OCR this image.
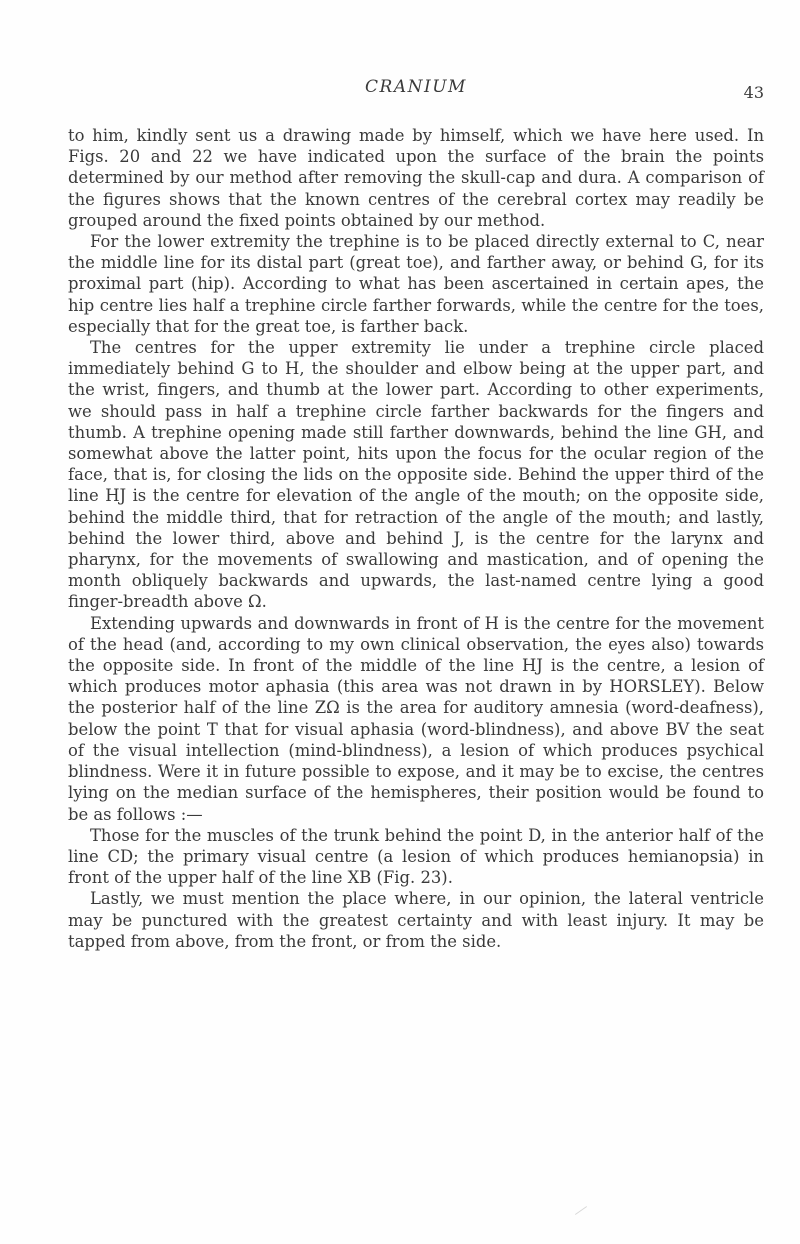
CRANIUM	43

to him, kindly sent us a drawing made by himself, which we have here used. In Figs. 20 and 22 we have indicated upon the surface of the brain the points determined by our method after removing the skull-cap and dura. A comparison of the figures shows that the known centres of the cerebral cortex may readily be grouped around the fixed points obtained by our method.

For the lower extremity the trephine is to be placed directly external to C, near the middle line for its distal part (great toe), and farther away, or behind G, for its proximal part (hip). According to what has been ascertained in certain apes, the hip centre lies half a trephine circle farther forwards, while the centre for the toes, especially that for the great toe, is farther back.

The centres for the upper extremity lie under a trephine circle placed immediately behind G to H, the shoulder and elbow being at the upper part, and the wrist, fingers, and thumb at the lower part. According to other experiments, we should pass in half a trephine circle farther backwards for the fingers and thumb. A trephine opening made still farther downwards, behind the line GH, and somewhat above the latter point, hits upon the focus for the ocular region of the face, that is, for closing the lids on the opposite side. Behind the upper third of the line HJ is the centre for elevation of the angle of the mouth; on the opposite side, behind the middle third, that for retraction of the angle of the mouth; and lastly, behind the lower third, above and behind J, is the centre for the larynx and pharynx, for the movements of swallowing and mastication, and of opening the month obliquely backwards and upwards, the last-named centre lying a good finger-breadth above Ω.

Extending upwards and downwards in front of H is the centre for the movement of the head (and, according to my own clinical observation, the eyes also) towards the opposite side. In front of the middle of the line HJ is the centre, a lesion of which produces motor aphasia (this area was not drawn in by HORSLEY). Below the posterior half of the line ZΩ is the area for auditory amnesia (word-deafness), below the point T that for visual aphasia (word-blindness), and above BV the seat of the visual intellection (mind-blindness), a lesion of which produces psychical blindness. Were it in future possible to expose, and it may be to excise, the centres lying on the median surface of the hemispheres, their position would be found to be as follows :—

Those for the muscles of the trunk behind the point D, in the anterior half of the line CD; the primary visual centre (a lesion of which produces hemianopsia) in front of the upper half of the line XB (Fig. 23).

Lastly, we must mention the place where, in our opinion, the lateral ventricle may be punctured with the greatest certainty and with least injury. It may be tapped from above, from the front, or from the side.
